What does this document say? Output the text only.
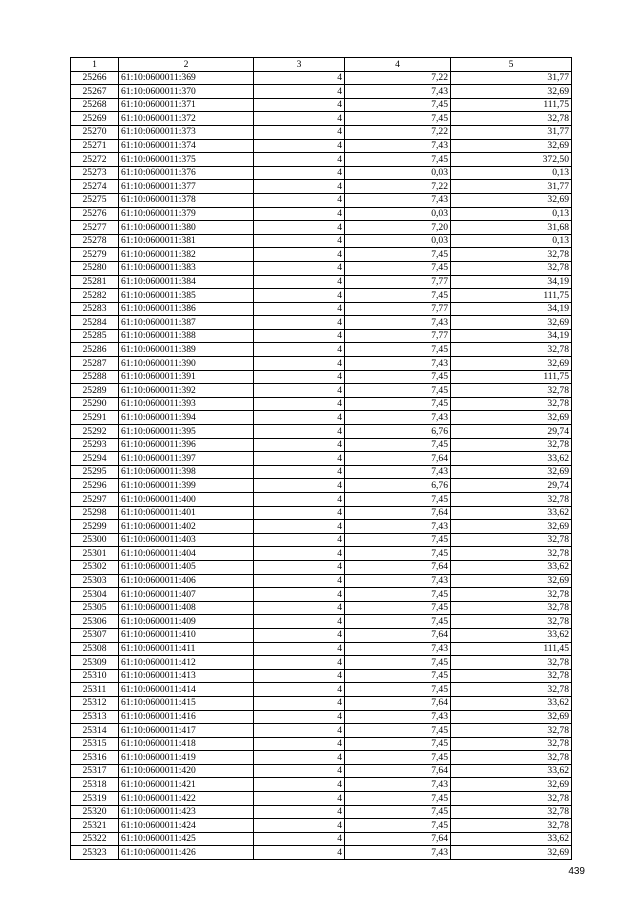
1	2	3	4	5
25266	61:10:0600011:369	4	7,22	31,77
25267	61:10:0600011:370	4	7,43	32,69
25268	61:10:0600011:371	4	7,45	111,75
25269	61:10:0600011:372	4	7,45	32,78
25270	61:10:0600011:373	4	7,22	31,77
25271	61:10:0600011:374	4	7,43	32,69
25272	61:10:0600011:375	4	7,45	372,50
25273	61:10:0600011:376	4	0,03	0,13
25274	61:10:0600011:377	4	7,22	31,77
25275	61:10:0600011:378	4	7,43	32,69
25276	61:10:0600011:379	4	0,03	0,13
25277	61:10:0600011:380	4	7,20	31,68
25278	61:10:0600011:381	4	0,03	0,13
25279	61:10:0600011:382	4	7,45	32,78
25280	61:10:0600011:383	4	7,45	32,78
25281	61:10:0600011:384	4	7,77	34,19
25282	61:10:0600011:385	4	7,45	111,75
25283	61:10:0600011:386	4	7,77	34,19
25284	61:10:0600011:387	4	7,43	32,69
25285	61:10:0600011:388	4	7,77	34,19
25286	61:10:0600011:389	4	7,45	32,78
25287	61:10:0600011:390	4	7,43	32,69
25288	61:10:0600011:391	4	7,45	111,75
25289	61:10:0600011:392	4	7,45	32,78
25290	61:10:0600011:393	4	7,45	32,78
25291	61:10:0600011:394	4	7,43	32,69
25292	61:10:0600011:395	4	6,76	29,74
25293	61:10:0600011:396	4	7,45	32,78
25294	61:10:0600011:397	4	7,64	33,62
25295	61:10:0600011:398	4	7,43	32,69
25296	61:10:0600011:399	4	6,76	29,74
25297	61:10:0600011:400	4	7,45	32,78
25298	61:10:0600011:401	4	7,64	33,62
25299	61:10:0600011:402	4	7,43	32,69
25300	61:10:0600011:403	4	7,45	32,78
25301	61:10:0600011:404	4	7,45	32,78
25302	61:10:0600011:405	4	7,64	33,62
25303	61:10:0600011:406	4	7,43	32,69
25304	61:10:0600011:407	4	7,45	32,78
25305	61:10:0600011:408	4	7,45	32,78
25306	61:10:0600011:409	4	7,45	32,78
25307	61:10:0600011:410	4	7,64	33,62
25308	61:10:0600011:411	4	7,43	111,45
25309	61:10:0600011:412	4	7,45	32,78
25310	61:10:0600011:413	4	7,45	32,78
25311	61:10:0600011:414	4	7,45	32,78
25312	61:10:0600011:415	4	7,64	33,62
25313	61:10:0600011:416	4	7,43	32,69
25314	61:10:0600011:417	4	7,45	32,78
25315	61:10:0600011:418	4	7,45	32,78
25316	61:10:0600011:419	4	7,45	32,78
25317	61:10:0600011:420	4	7,64	33,62
25318	61:10:0600011:421	4	7,43	32,69
25319	61:10:0600011:422	4	7,45	32,78
25320	61:10:0600011:423	4	7,45	32,78
25321	61:10:0600011:424	4	7,45	32,78
25322	61:10:0600011:425	4	7,64	33,62
25323	61:10:0600011:426	4	7,43	32,69
439
